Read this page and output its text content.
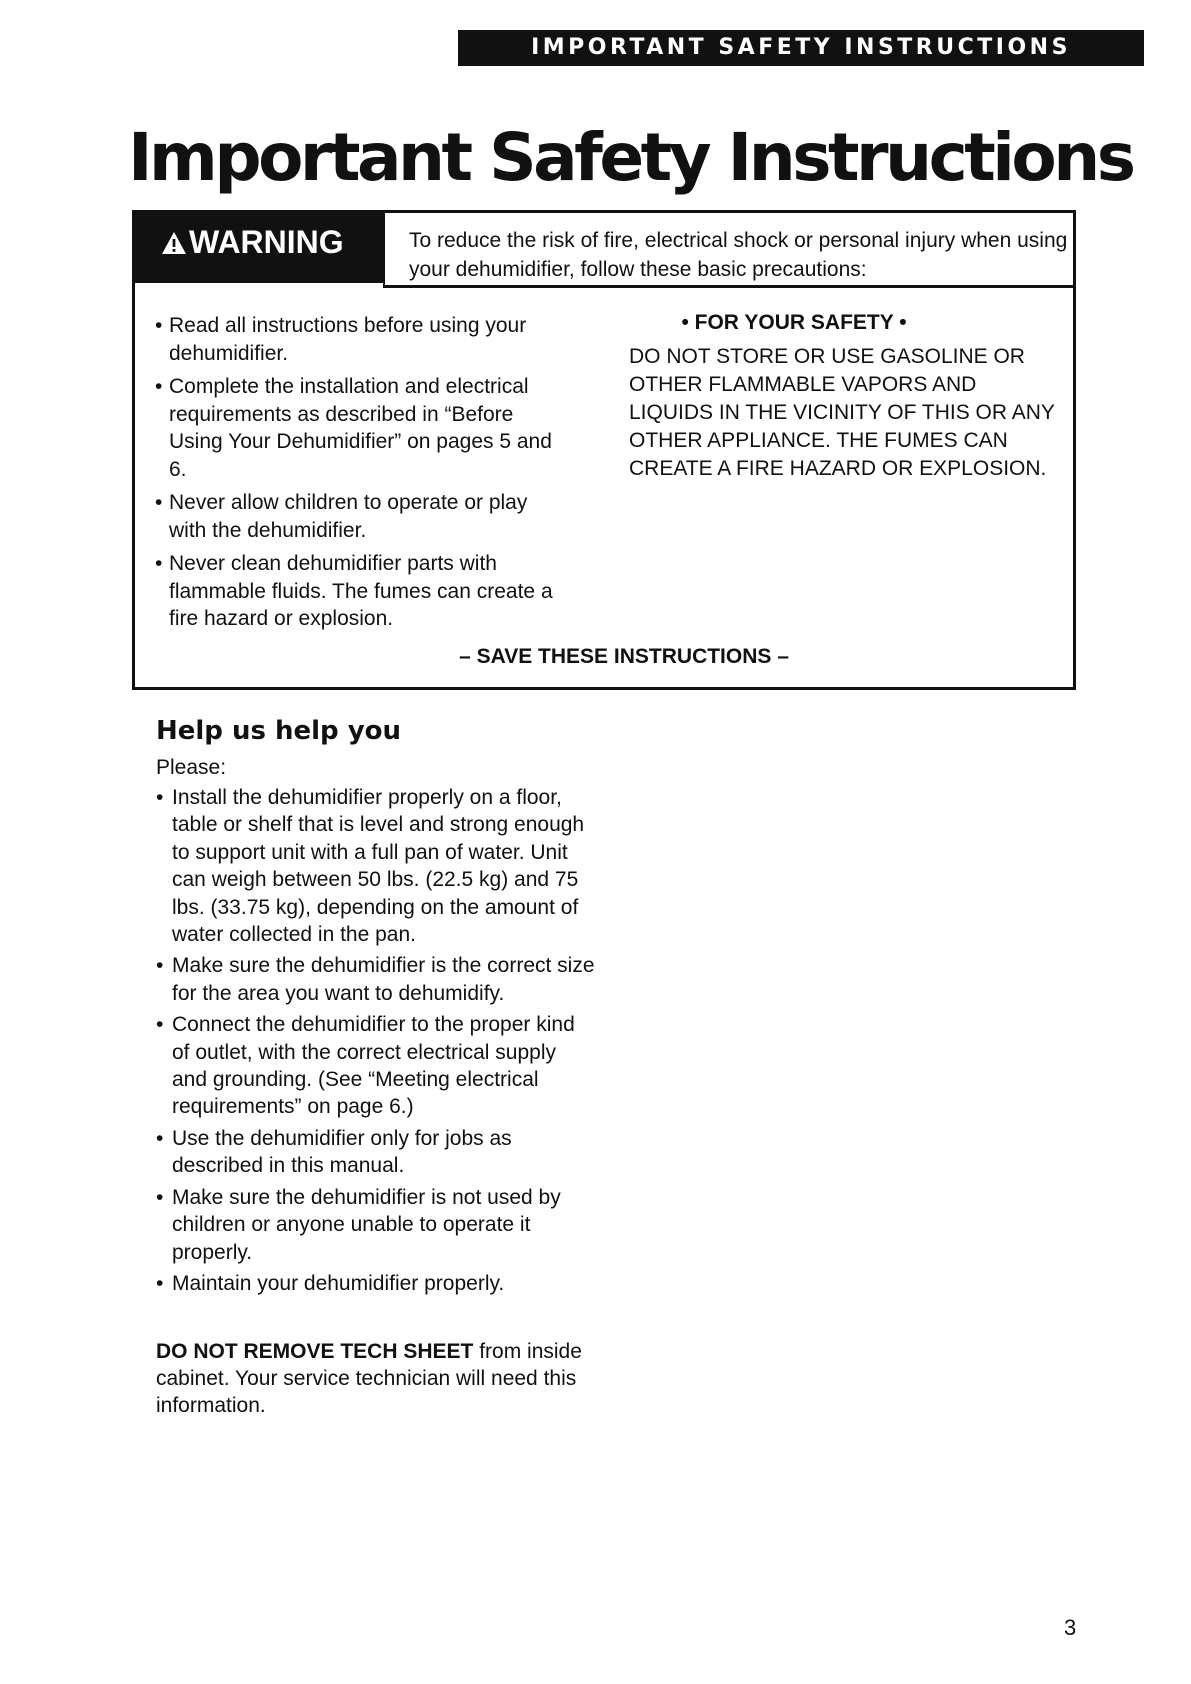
IMPORTANT SAFETY INSTRUCTIONS
Important Safety Instructions
WARNING	To reduce the risk of fire, electrical shock or personal injury when using your dehumidifier, follow these basic precautions:
• Read all instructions before using your dehumidifier.
• Complete the installation and electrical requirements as described in “Before Using Your Dehumidifier” on pages 5 and 6.
• Never allow children to operate or play with the dehumidifier.
• Never clean dehumidifier parts with flammable fluids. The fumes can create a fire hazard or explosion.
• FOR YOUR SAFETY •
DO NOT STORE OR USE GASOLINE OR OTHER FLAMMABLE VAPORS AND LIQUIDS IN THE VICINITY OF THIS OR ANY OTHER APPLIANCE. THE FUMES CAN CREATE A FIRE HAZARD OR EXPLOSION.
– SAVE THESE INSTRUCTIONS –
Help us help you
Please:
• Install the dehumidifier properly on a floor, table or shelf that is level and strong enough to support unit with a full pan of water. Unit can weigh between 50 lbs. (22.5 kg) and 75 lbs. (33.75 kg), depending on the amount of water collected in the pan.
• Make sure the dehumidifier is the correct size for the area you want to dehumidify.
• Connect the dehumidifier to the proper kind of outlet, with the correct electrical supply and grounding. (See “Meeting electrical requirements” on page 6.)
• Use the dehumidifier only for jobs as described in this manual.
• Make sure the dehumidifier is not used by children or anyone unable to operate it properly.
• Maintain your dehumidifier properly.
DO NOT REMOVE TECH SHEET from inside cabinet. Your service technician will need this information.
3
